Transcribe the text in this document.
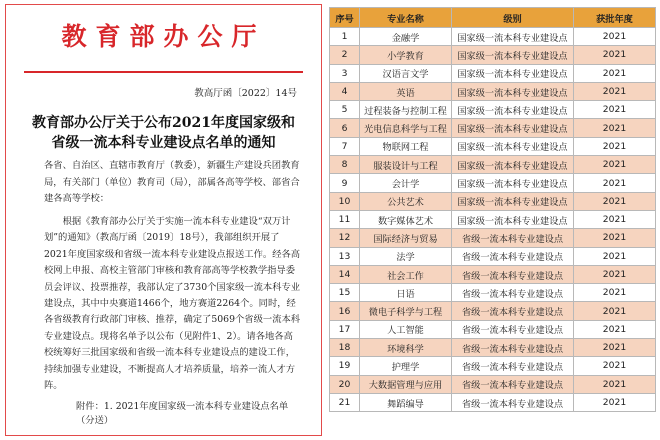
教育部办公厅
教高厅函〔2022〕14号
教育部办公厅关于公布2021年度国家级和
省级一流本科专业建设点名单的通知
各省、自治区、直辖市教育厅（教委），新疆生产建设兵团教育局，有关部门（单位）教育司（局），部属各高等学校、部省合建各高等学校：
根据《教育部办公厅关于实施一流本科专业建设“双万计划”的通知》（教高厅函〔2019〕18号），我部组织开展了2021年度国家级和省级一流本科专业建设点报送工作。经各高校网上申报、高校主管部门审核和教育部高等学校教学指导委员会评议、投票推荐，我部认定了3730个国家级一流本科专业建设点，其中中央赛道1466个，地方赛道2264个。同时，经各省级教育行政部门审核、推荐，确定了5069个省级一流本科专业建设点。现将名单予以公布（见附件1、2）。请各地各高校统筹好三批国家级和省级一流本科专业建设点的建设工作，持续加强专业建设，不断提高人才培养质量，培养一流人才方阵。
附件：1. 2021年度国家级一流本科专业建设点名单（分送）
序号	专业名称	级别	获批年度
1	金融学	国家级一流本科专业建设点	2021
2	小学教育	国家级一流本科专业建设点	2021
3	汉语言文学	国家级一流本科专业建设点	2021
4	英语	国家级一流本科专业建设点	2021
5	过程装备与控制工程	国家级一流本科专业建设点	2021
6	光电信息科学与工程	国家级一流本科专业建设点	2021
7	物联网工程	国家级一流本科专业建设点	2021
8	服装设计与工程	国家级一流本科专业建设点	2021
9	会计学	国家级一流本科专业建设点	2021
10	公共艺术	国家级一流本科专业建设点	2021
11	数字媒体艺术	国家级一流本科专业建设点	2021
12	国际经济与贸易	省级一流本科专业建设点	2021
13	法学	省级一流本科专业建设点	2021
14	社会工作	省级一流本科专业建设点	2021
15	日语	省级一流本科专业建设点	2021
16	微电子科学与工程	省级一流本科专业建设点	2021
17	人工智能	省级一流本科专业建设点	2021
18	环境科学	省级一流本科专业建设点	2021
19	护理学	省级一流本科专业建设点	2021
20	大数据管理与应用	省级一流本科专业建设点	2021
21	舞蹈编导	省级一流本科专业建设点	2021
